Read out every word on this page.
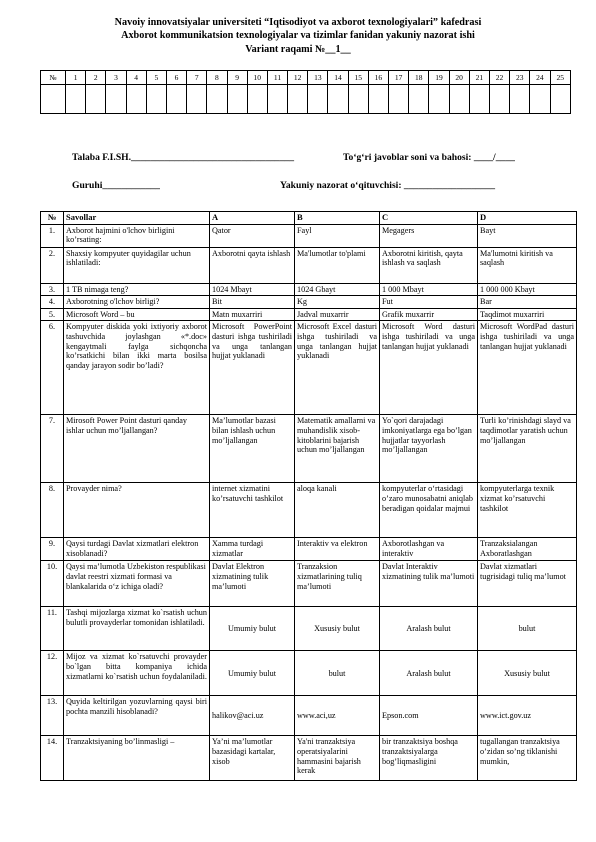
Navoiy innovatsiyalar universiteti “Iqtisodiyot va axborot texnologiyalari” kafedrasi
Axborot kommunikatsion texnologiyalar va tizimlar fanidan yakuniy nazorat ishi
Variant raqami №__1__
№	1	2	3	4	5	6	7	8	9	10	11	12	13	14	15	16	17	18	19	20	21	22	23	24	25

Talaba F.I.SH.__________________________________	To‘g‘ri javoblar soni va bahosi: ____/____
Guruhi____________	Yakuniy nazorat o‘qituvchisi: ___________________
№	Savollar	A	B	C	D
1.	Axborot hajmini o'lchov birligini ko’rsating:	Qator	Fayl	Megagers	Bayt
2.	Shaxsiy kompyuter quyidagilar uchun ishlatiladi:	Axborotni qayta ishlash	Ma'lumotlar to'plami	Axborotni kiritish, qayta ishlash va saqlash	Ma'lumotni kiritish va saqlash
3.	1 TB nimaga teng?	1024 Mbayt	1024 Gbayt	1 000 Mbayt	1 000 000 Kbayt
4.	Axborotning o'lchov birligi?	Bit	Kg	Fut	Bar
5.	Microsoft Word – bu	Matn muxarriri	Jadval muxarrir	Grafik muxarrir	Taqdimot muxarriri
6.	Kompyuter diskida yoki ixtiyoriy axborot tashuvchida joylashgan «*.doc» kengaytmali faylga sichqoncha ko’rsatkichi bilan ikki marta bosilsa qanday jarayon sodir bo’ladi?	Microsoft PowerPoint dasturi ishga tushiriladi va unga tanlangan hujjat yuklanadi	Microsoft Excel dasturi ishga tushiriladi va unga tanlangan hujjat yuklanadi	Microsoft Word dasturi ishga tushiriladi va unga tanlangan hujjat yuklanadi	Microsoft WordPad dasturi ishga tushiriladi va unga tanlangan hujjat yuklanadi
7.	Mirosoft Power Point dasturi qanday ishlar uchun mo’ljallangan?	Ma’lumotlar bazasi bilan ishlash uchun mo’ljallangan	Matematik amallarni va muhandislik xisob-kitoblarini bajarish uchun mo’ljallangan	Yo`qori darajadagi imkoniyatlarga ega bo’lgan hujjatlar tayyorlash mo’ljallangan	Turli ko’rinishdagi slayd va taqdimotlar yaratish uchun mo’ljallangan
8.	Provayder nima?	internet xizmatini ko’rsatuvchi tashkilot	aloqa kanali	kompyuterlar o‘rtasidagi o’zaro munosabatni aniqlab beradigan qoidalar majmui	kompyuterlarga texnik xizmat ko’rsatuvchi tashkilot
9.	Qaysi turdagi Davlat xizmatlari elektron xisoblanadi?	Xamma turdagi xizmatlar	Interaktiv va elektron	Axborotlashgan va interaktiv	Tranzaksialangan Axboratlashgan
10.	Qaysi ma’lumotla Uzbekiston respublikasi davlat reestri xizmati formasi va blankalarida o‘z ichiga oladi?	Davlat Elektron xizmatining tulik ma’lumoti	Tranzaksion xizmatlarining tuliq ma’lumoti	Davlat Interaktiv xizmatining tulik ma’lumoti	Davlat xizmatlari tugrisidagi tuliq ma’lumot
11.	Tashqi mijozlarga xizmat ko`rsatish uchun bulutli provayderlar tomonidan ishlatiladi.	Umumiy bulut	Xususiy bulut	Aralash bulut	bulut
12.	Mijoz va xizmat ko`rsatuvchi provayder bo`lgan bitta kompaniya ichida xizmatlarni ko`rsatish uchun foydalaniladi.	Umumiy bulut	bulut	Aralash bulut	Xususiy bulut
13.	Quyida keltirilgan yozuvlarning qaysi biri pochta manzili hisoblanadi?	halikov@aci.uz	www.aci,uz	Epson.com	www.ict.gov.uz
14.	Tranzaktsiyaning bo’linmasligi –	Ya’ni ma’lumotlar bazasidagi kartalar, xisob	Ya'ni tranzaktsiya operatsiyalarini hammasini bajarish kerak	bir tranzaktsiya boshqa tranzaktsiyalarga bog’liqmasligini	tugallangan tranzaktsiya o’zidan so’ng tiklanishi mumkin,
